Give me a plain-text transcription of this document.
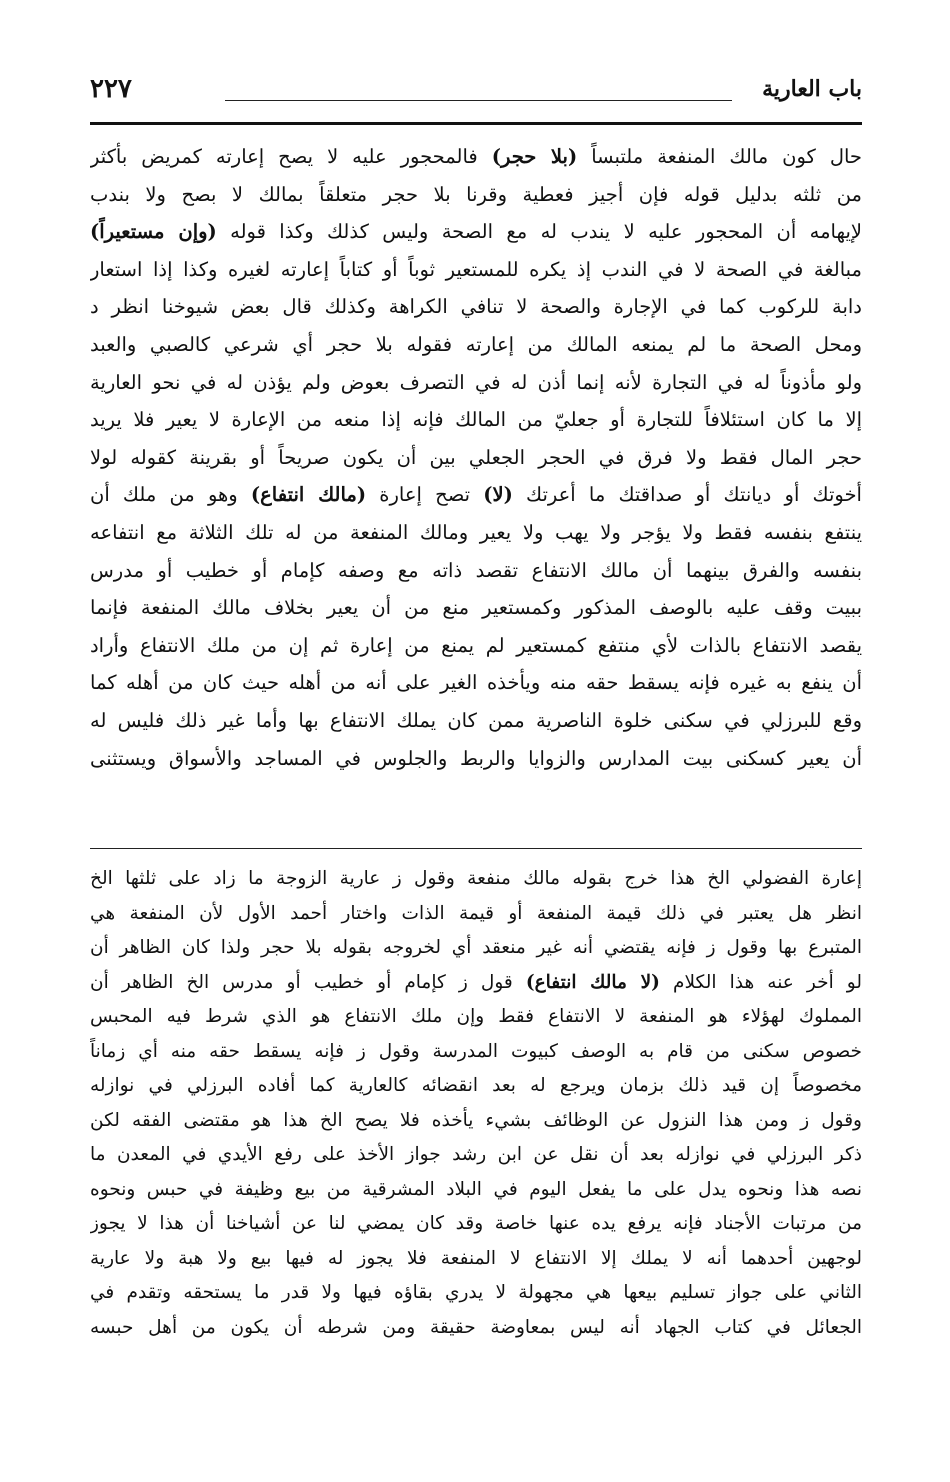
باب العارية
٢٢٧
حال كون مالك المنفعة ملتبساً (بلا حجر) فالمحجور عليه لا يصح إعارته كمريض بأكثر
من ثلثه بدليل قوله فإن أجيز فعطية وقرنا بلا حجر متعلقاً بمالك لا بصح ولا بندب
لإيهامه أن المحجور عليه لا يندب له مع الصحة وليس كذلك وكذا قوله (وإن مستعيراً)
مبالغة في الصحة لا في الندب إذ يكره للمستعير ثوباً أو كتاباً إعارته لغيره وكذا إذا استعار
دابة للركوب كما في الإجارة والصحة لا تنافي الكراهة وكذلك قال بعض شيوخنا انظر د
ومحل الصحة ما لم يمنعه المالك من إعارته فقوله بلا حجر أي شرعي كالصبي والعبد
ولو مأذوناً له في التجارة لأنه إنما أذن له في التصرف بعوض ولم يؤذن له في نحو العارية
إلا ما كان استئلافاً للتجارة أو جعليّ من المالك فإنه إذا منعه من الإعارة لا يعير فلا يريد
حجر المال فقط ولا فرق في الحجر الجعلي بين أن يكون صريحاً أو بقرينة كقوله لولا
أخوتك أو ديانتك أو صداقتك ما أعرتك (لا) تصح إعارة (مالك انتفاع) وهو من ملك أن
ينتفع بنفسه فقط ولا يؤجر ولا يهب ولا يعير ومالك المنفعة من له تلك الثلاثة مع انتفاعه
بنفسه والفرق بينهما أن مالك الانتفاع تقصد ذاته مع وصفه كإمام أو خطيب أو مدرس
ببيت وقف عليه بالوصف المذكور وكمستعير منع من أن يعير بخلاف مالك المنفعة فإنما
يقصد الانتفاع بالذات لأي منتفع كمستعير لم يمنع من إعارة ثم إن من ملك الانتفاع وأراد
أن ينفع به غيره فإنه يسقط حقه منه ويأخذه الغير على أنه من أهله حيث كان من أهله كما
وقع للبرزلي في سكنى خلوة الناصرية ممن كان يملك الانتفاع بها وأما غير ذلك فليس له
أن يعير كسكنى بيت المدارس والزوايا والربط والجلوس في المساجد والأسواق ويستثنى
إعارة الفضولي الخ هذا خرج بقوله مالك منفعة وقول ز عارية الزوجة ما زاد على ثلثها الخ
انظر هل يعتبر في ذلك قيمة المنفعة أو قيمة الذات واختار أحمد الأول لأن المنفعة هي
المتبرع بها وقول ز فإنه يقتضي أنه غير منعقد أي لخروجه بقوله بلا حجر ولذا كان الظاهر أن
لو أخر عنه هذا الكلام (لا مالك انتفاع) قول ز كإمام أو خطيب أو مدرس الخ الظاهر أن
المملوك لهؤلاء هو المنفعة لا الانتفاع فقط وإن ملك الانتفاع هو الذي شرط فيه المحبس
خصوص سكنى من قام به الوصف كبيوت المدرسة وقول ز فإنه يسقط حقه منه أي زماناً
مخصوصاً إن قيد ذلك بزمان ويرجع له بعد انقضائه كالعارية كما أفاده البرزلي في نوازله
وقول ز ومن هذا النزول عن الوظائف بشيء يأخذه فلا يصح الخ هذا هو مقتضى الفقه لكن
ذكر البرزلي في نوازله بعد أن نقل عن ابن رشد جواز الأخذ على رفع الأيدي في المعدن ما
نصه هذا ونحوه يدل على ما يفعل اليوم في البلاد المشرقية من بيع وظيفة في حبس ونحوه
من مرتبات الأجناد فإنه يرفع يده عنها خاصة وقد كان يمضي لنا عن أشياخنا أن هذا لا يجوز
لوجهين أحدهما أنه لا يملك إلا الانتفاع لا المنفعة فلا يجوز له فيها بيع ولا هبة ولا عارية
الثاني على جواز تسليم بيعها هي مجهولة لا يدري بقاؤه فيها ولا قدر ما يستحقه وتقدم في
الجعائل في كتاب الجهاد أنه ليس بمعاوضة حقيقة ومن شرطه أن يكون من أهل حبسه
